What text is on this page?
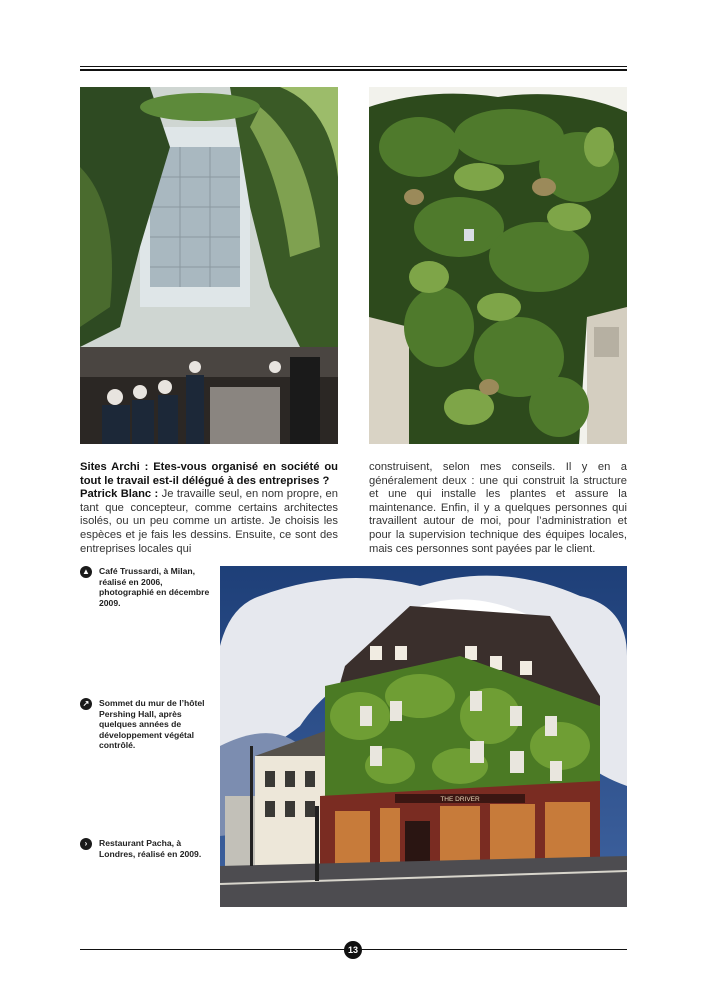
Sites Archi : Etes-vous organisé en société ou tout le travail est-il délégué à des entreprises ?

Patrick Blanc : Je travaille seul, en nom propre, en tant que concepteur, comme certains architectes isolés, ou un peu comme un artiste. Je choisis les espèces et je fais les dessins. Ensuite, ce sont des entreprises locales qui

construisent, selon mes conseils. Il y en a généralement deux : une qui construit la structure et une qui installe les plantes et assure la maintenance. Enfin, il y a quelques personnes qui travaillent autour de moi, pour l’administration et pour la supervision technique des équipes locales, mais ces personnes sont payées par le client.

▲ Café Trussardi, à Milan, réalisé en 2006, photographié en décembre 2009.
↗	Sommet du mur de l’hôtel Pershing Hall, après quelques années de développement végétal contrôlé.
›	Restaurant Pacha, à Londres, réalisé en 2009.
THE DRIVER
13
